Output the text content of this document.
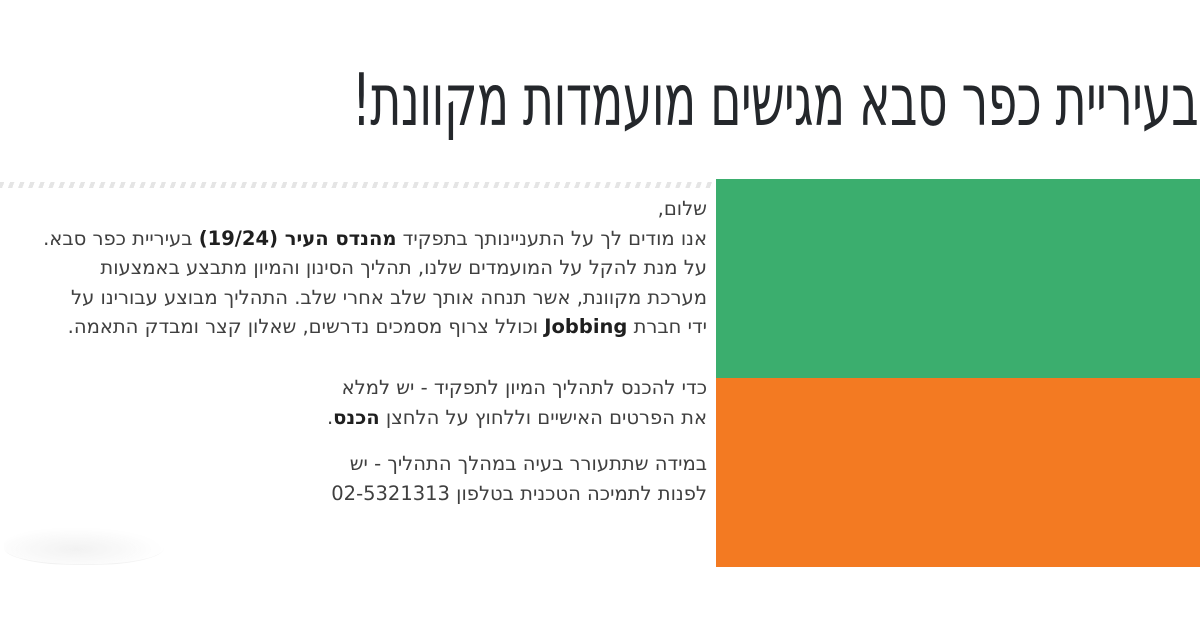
בעיריית כפר סבא מגישים מועמדות מקוונת!
שלום,
אנו מודים לך על התעניינותך בתפקיד מהנדס העיר (19/24) בעיריית כפר סבא.
על מנת להקל על המועמדים שלנו, תהליך הסינון והמיון מתבצע באמצעות
מערכת מקוונת, אשר תנחה אותך שלב אחרי שלב. התהליך מבוצע עבורינו על
ידי חברת Jobbing וכולל צרוף מסמכים נדרשים, שאלון קצר ומבדק התאמה.
כדי להכנס לתהליך המיון לתפקיד - יש למלא
את הפרטים האישיים וללחוץ על הלחצן הכנס.
במידה שתתעורר בעיה במהלך התהליך - יש
לפנות לתמיכה הטכנית בטלפון 02-5321313
